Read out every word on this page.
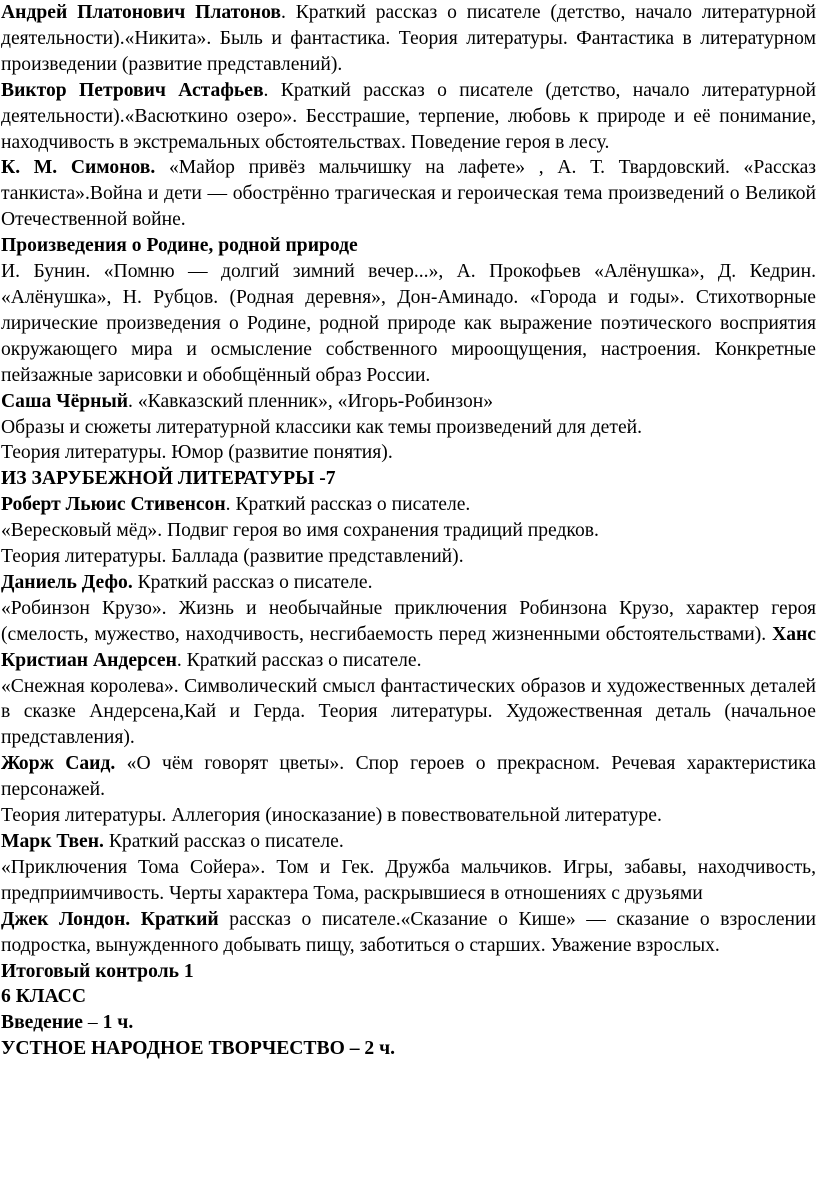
Андрей Платонович Платонов. Краткий рассказ о писателе (детство, начало литературной деятельности).«Никита». Быль и фантастика. Теория литературы. Фантастика в литературном произведении (развитие представлений).

Виктор Петрович Астафьев. Краткий рассказ о писателе (детство, начало литературной деятельности).«Васюткино озеро». Бесстрашие, терпение, любовь к природе и её понимание, находчивость в экстремальных обстоятельствах. Поведение героя в лесу.

К. М. Симонов. «Майор привёз мальчишку на лафете» , А. Т. Твардовский. «Рассказ танкиста».Война и дети — обострённо трагическая и героическая тема произведений о Великой Отечественной войне.

Произведения о Родине, родной природе

И. Бунин. «Помню — долгий зимний вечер...», А. Прокофьев «Алёнушка», Д. Кедрин. «Алёнушка», Н. Рубцов. (Родная деревня», Дон-Аминадо. «Города и годы». Стихотворные лирические произведения о Родине, родной природе как выражение поэтического восприятия окружающего мира и осмысление собственного мироощущения, настроения. Конкретные пейзажные зарисовки и обобщённый образ России.

Саша Чёрный. «Кавказский пленник», «Игорь-Робинзон»

Образы и сюжеты литературной классики как темы произведений для детей.

Теория литературы. Юмор (развитие понятия).

ИЗ ЗАРУБЕЖНОЙ ЛИТЕРАТУРЫ -7

Роберт Льюис Стивенсон. Краткий рассказ о писателе.

«Вересковый мёд». Подвиг героя во имя сохранения традиций предков.

Теория литературы. Баллада (развитие представлений).

Даниель Дефо. Краткий рассказ о писателе.

«Робинзон Крузо». Жизнь и необычайные приключения Робинзона Крузо, характер героя (смелость, мужество, находчивость, несгибаемость перед жизненными обстоятельствами). Ханс Кристиан Андерсен. Краткий рассказ о писателе.

«Снежная королева». Символический смысл фантастических образов и художественных деталей в сказке Андерсена,Кай и Герда. Теория литературы. Художественная деталь (начальное представления).

Жорж Саид. «О чём говорят цветы». Спор героев о прекрасном. Речевая характеристика персонажей.

Теория литературы. Аллегория (иносказание) в повествовательной литературе.

Марк Твен. Краткий рассказ о писателе.

«Приключения Тома Сойера». Том и Гек. Дружба мальчиков. Игры, забавы, находчивость, предприимчивость. Черты характера Тома, раскрывшиеся в отношениях с друзьями

Джек Лондон. Краткий рассказ о писателе.«Сказание о Кише» — сказание о взрослении подростка, вынужденного добывать пищу, заботиться о старших. Уважение взрослых.

Итоговый контроль 1

6 КЛАСС

Введение – 1 ч.

УСТНОЕ НАРОДНОЕ ТВОРЧЕСТВО – 2 ч.
